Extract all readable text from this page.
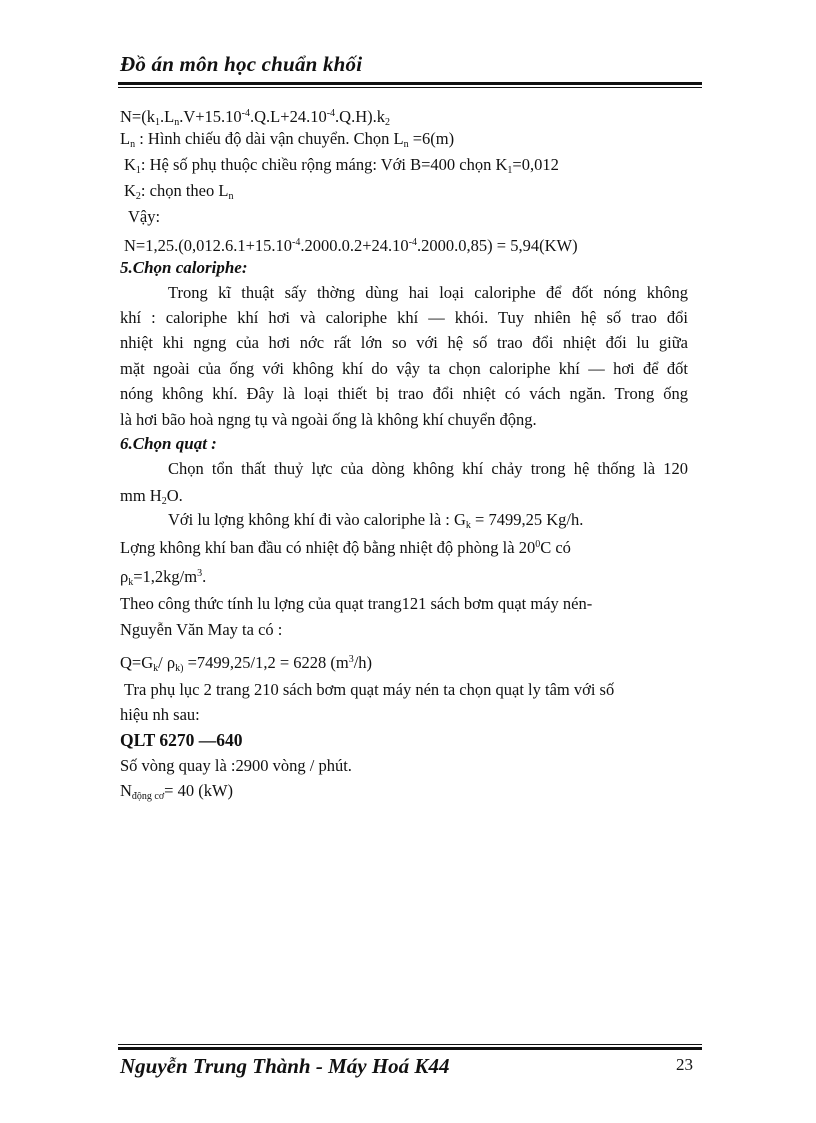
Đồ án môn học chuẩn khối
$N=(k_1.L_n.V+15.10^{-4}.Q.L+24.10^{-4}.Q.H).k_2$
$L_n$ : Hình chiếu độ dài vận chuyển. Chọn $L_n =6(m)$
$K_1$: Hệ số phụ thuộc chiều rộng máng: Với B=400 chọn $K_1=0,012$
$K_2$: chọn theo $L_n$
Vậy:
$N=1,25.(0,012.6.1+15.10^{-4}.2000.0.2+24.10^{-4}.2000.0,85) = 5,94(KW)$
5.Chọn caloriphe:
Trong kĩ thuật sấy thờng dùng hai loại caloriphe để đốt nóng không
khí : caloriphe khí hơi và caloriphe khí — khói. Tuy nhiên hệ số trao đổi
nhiệt khi ngng của hơi nớc rất lớn so với hệ số trao đổi nhiệt đối lu giữa
mặt ngoài của ống với không khí do vậy ta chọn caloriphe khí — hơi để đốt
nóng không khí. Đây là loại thiết bị trao đổi nhiệt có vách ngăn. Trong ống
là hơi bão hoà ngng tụ và ngoài ống là không khí chuyển động.
6.Chọn quạt :
Chọn tổn thất thuỷ lực của dòng không khí chảy trong hệ thống là 120
mm $H_2O$.
Với lu lợng không khí đi vào caloriphe là : $G_k = 7499,25$ Kg/h.
Lợng không khí ban đầu có nhiệt độ bằng nhiệt độ phòng là $20^0C$ có
$\rho_k=1,2kg/m^3$.
Theo công thức tính lu lợng của quạt trang121 sách bơm quạt máy nén-
Nguyễn Văn May ta có :
$Q=G_k/$ $\rho_{k)} =7499,25/1,2 = 6228$ $(m^3/h)$
Tra phụ lục 2 trang 210 sách bơm quạt máy nén ta chọn quạt ly tâm với số
hiệu nh sau:
QLT 6270 —640
Số vòng quay là :2900 vòng / phút.
$N_{động cơ}= 40$ (kW)
Nguyễn Trung Thành - Máy Hoá K44	23
